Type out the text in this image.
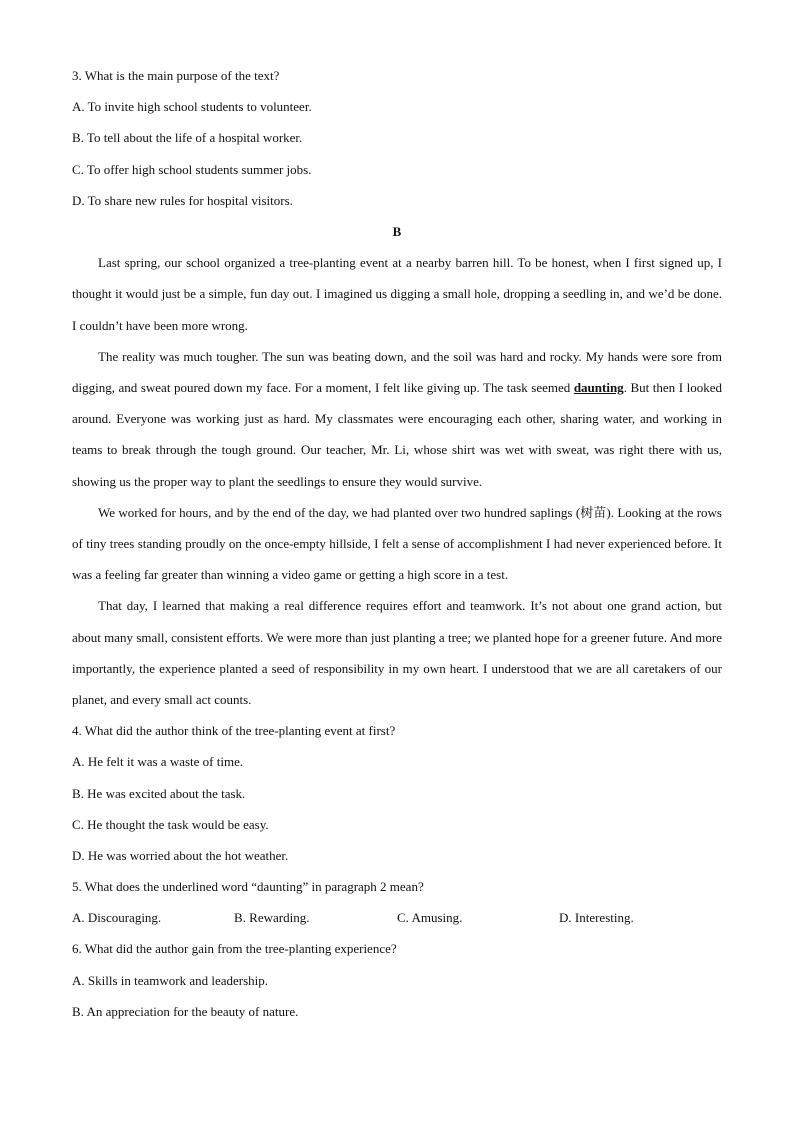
3. What is the main purpose of the text?
A. To invite high school students to volunteer.
B. To tell about the life of a hospital worker.
C. To offer high school students summer jobs.
D. To share new rules for hospital visitors.
B

Last spring, our school organized a tree-planting event at a nearby barren hill. To be honest, when I first signed up, I thought it would just be a simple, fun day out. I imagined us digging a small hole, dropping a seedling in, and we’d be done. I couldn’t have been more wrong.

The reality was much tougher. The sun was beating down, and the soil was hard and rocky. My hands were sore from digging, and sweat poured down my face. For a moment, I felt like giving up. The task seemed daunting. But then I looked around. Everyone was working just as hard. My classmates were encouraging each other, sharing water, and working in teams to break through the tough ground. Our teacher, Mr. Li, whose shirt was wet with sweat, was right there with us, showing us the proper way to plant the seedlings to ensure they would survive.

We worked for hours, and by the end of the day, we had planted over two hundred saplings (树苗). Looking at the rows of tiny trees standing proudly on the once-empty hillside, I felt a sense of accomplishment I had never experienced before. It was a feeling far greater than winning a video game or getting a high score in a test.

That day, I learned that making a real difference requires effort and teamwork. It’s not about one grand action, but about many small, consistent efforts. We were more than just planting a tree; we planted hope for a greener future. And more importantly, the experience planted a seed of responsibility in my own heart. I understood that we are all caretakers of our planet, and every small act counts.

4. What did the author think of the tree-planting event at first?
A. He felt it was a waste of time.
B. He was excited about the task.
C. He thought the task would be easy.
D. He was worried about the hot weather.
5. What does the underlined word “daunting” in paragraph 2 mean?
A. Discouraging.	B. Rewarding.	C. Amusing.	D. Interesting.
6. What did the author gain from the tree-planting experience?
A. Skills in teamwork and leadership.
B. An appreciation for the beauty of nature.
